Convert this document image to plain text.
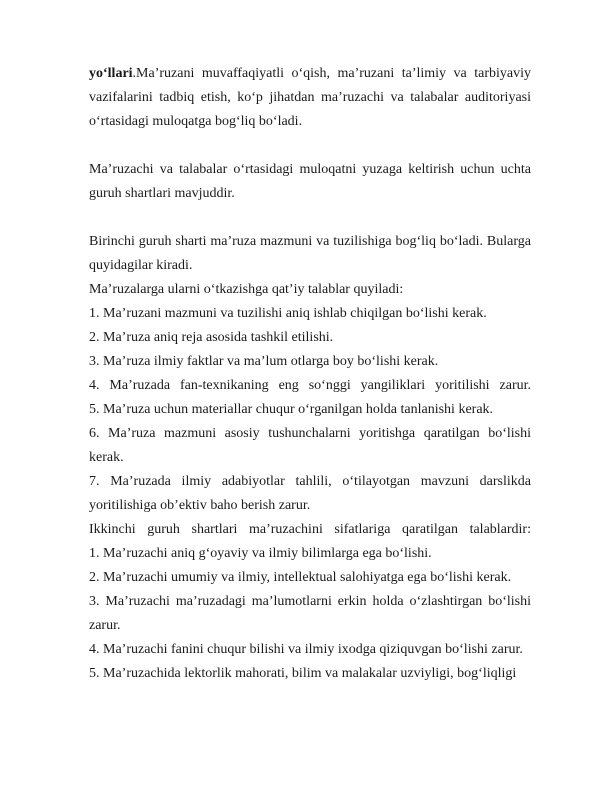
yo‘llari.Ma’ruzani muvaffaqiyatli o‘qish, ma’ruzani ta’limiy va tarbiyaviy vazifalarini tadbiq etish, ko‘p jihatdan ma’ruzachi va talabalar auditoriyasi o‘rtasidagi muloqatga bog‘liq bo‘ladi.

Ma’ruzachi va talabalar o‘rtasidagi muloqatni yuzaga keltirish uchun uchta guruh shartlari mavjuddir.

Birinchi guruh sharti ma’ruza mazmuni va tuzilishiga bog‘liq bo‘ladi. Bularga quyidagilar kiradi.

Ma’ruzalarga ularni o‘tkazishga qat’iy talablar quyiladi:

1. Ma’ruzani mazmuni va tuzilishi aniq ishlab chiqilgan bo‘lishi kerak.

2. Ma’ruza aniq reja asosida tashkil etilishi.

3. Ma’ruza ilmiy faktlar va ma’lum otlarga boy bo‘lishi kerak.

4. Ma’ruzada fan-texnikaning eng so‘nggi yangiliklari yoritilishi zarur.

5. Ma’ruza uchun materiallar chuqur o‘rganilgan holda tanlanishi kerak.

6. Ma’ruza mazmuni asosiy tushunchalarni yoritishga qaratilgan bo‘lishi kerak.

7. Ma’ruzada ilmiy adabiyotlar tahlili, o‘tilayotgan mavzuni darslikda yoritilishiga ob’ektiv baho berish zarur.

Ikkinchi guruh shartlari ma’ruzachini sifatlariga qaratilgan talablardir:

1. Ma’ruzachi aniq g‘oyaviy va ilmiy bilimlarga ega bo‘lishi.

2. Ma’ruzachi umumiy va ilmiy, intellektual salohiyatga ega bo‘lishi kerak.

3. Ma’ruzachi ma’ruzadagi ma’lumotlarni erkin holda o‘zlashtirgan bo‘lishi zarur.

4. Ma’ruzachi fanini chuqur bilishi va ilmiy ixodga qiziquvgan bo‘lishi zarur.

5. Ma’ruzachida lektorlik mahorati, bilim va malakalar uzviyligi, bog‘liqligi
